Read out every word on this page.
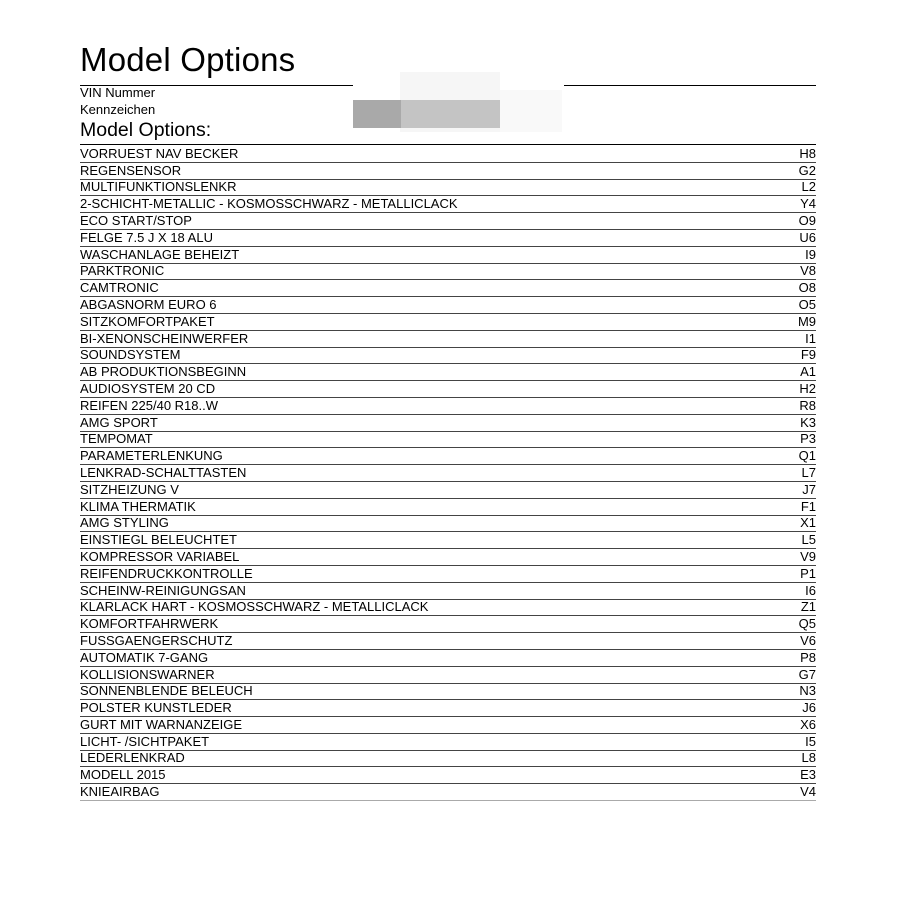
Model Options
VIN Nummer
Kennzeichen
Model Options:
VORRUEST NAV BECKER	H8
REGENSENSOR	G2
MULTIFUNKTIONSLENKR	L2
2-SCHICHT-METALLIC - KOSMOSSCHWARZ - METALLICLACK	Y4
ECO START/STOP	O9
FELGE 7.5 J X 18 ALU	U6
WASCHANLAGE BEHEIZT	I9
PARKTRONIC	V8
CAMTRONIC	O8
ABGASNORM EURO 6	O5
SITZKOMFORTPAKET	M9
BI-XENONSCHEINWERFER	I1
SOUNDSYSTEM	F9
AB PRODUKTIONSBEGINN	A1
AUDIOSYSTEM 20 CD	H2
REIFEN 225/40 R18..W	R8
AMG SPORT	K3
TEMPOMAT	P3
PARAMETERLENKUNG	Q1
LENKRAD-SCHALTTASTEN	L7
SITZHEIZUNG V	J7
KLIMA THERMATIK	F1
AMG STYLING	X1
EINSTIEGL BELEUCHTET	L5
KOMPRESSOR VARIABEL	V9
REIFENDRUCKKONTROLLE	P1
SCHEINW-REINIGUNGSAN	I6
KLARLACK HART - KOSMOSSCHWARZ - METALLICLACK	Z1
KOMFORTFAHRWERK	Q5
FUSSGAENGERSCHUTZ	V6
AUTOMATIK 7-GANG	P8
KOLLISIONSWARNER	G7
SONNENBLENDE BELEUCH	N3
POLSTER KUNSTLEDER	J6
GURT MIT WARNANZEIGE	X6
LICHT- /SICHTPAKET	I5
LEDERLENKRAD	L8
MODELL 2015	E3
KNIEAIRBAG	V4
